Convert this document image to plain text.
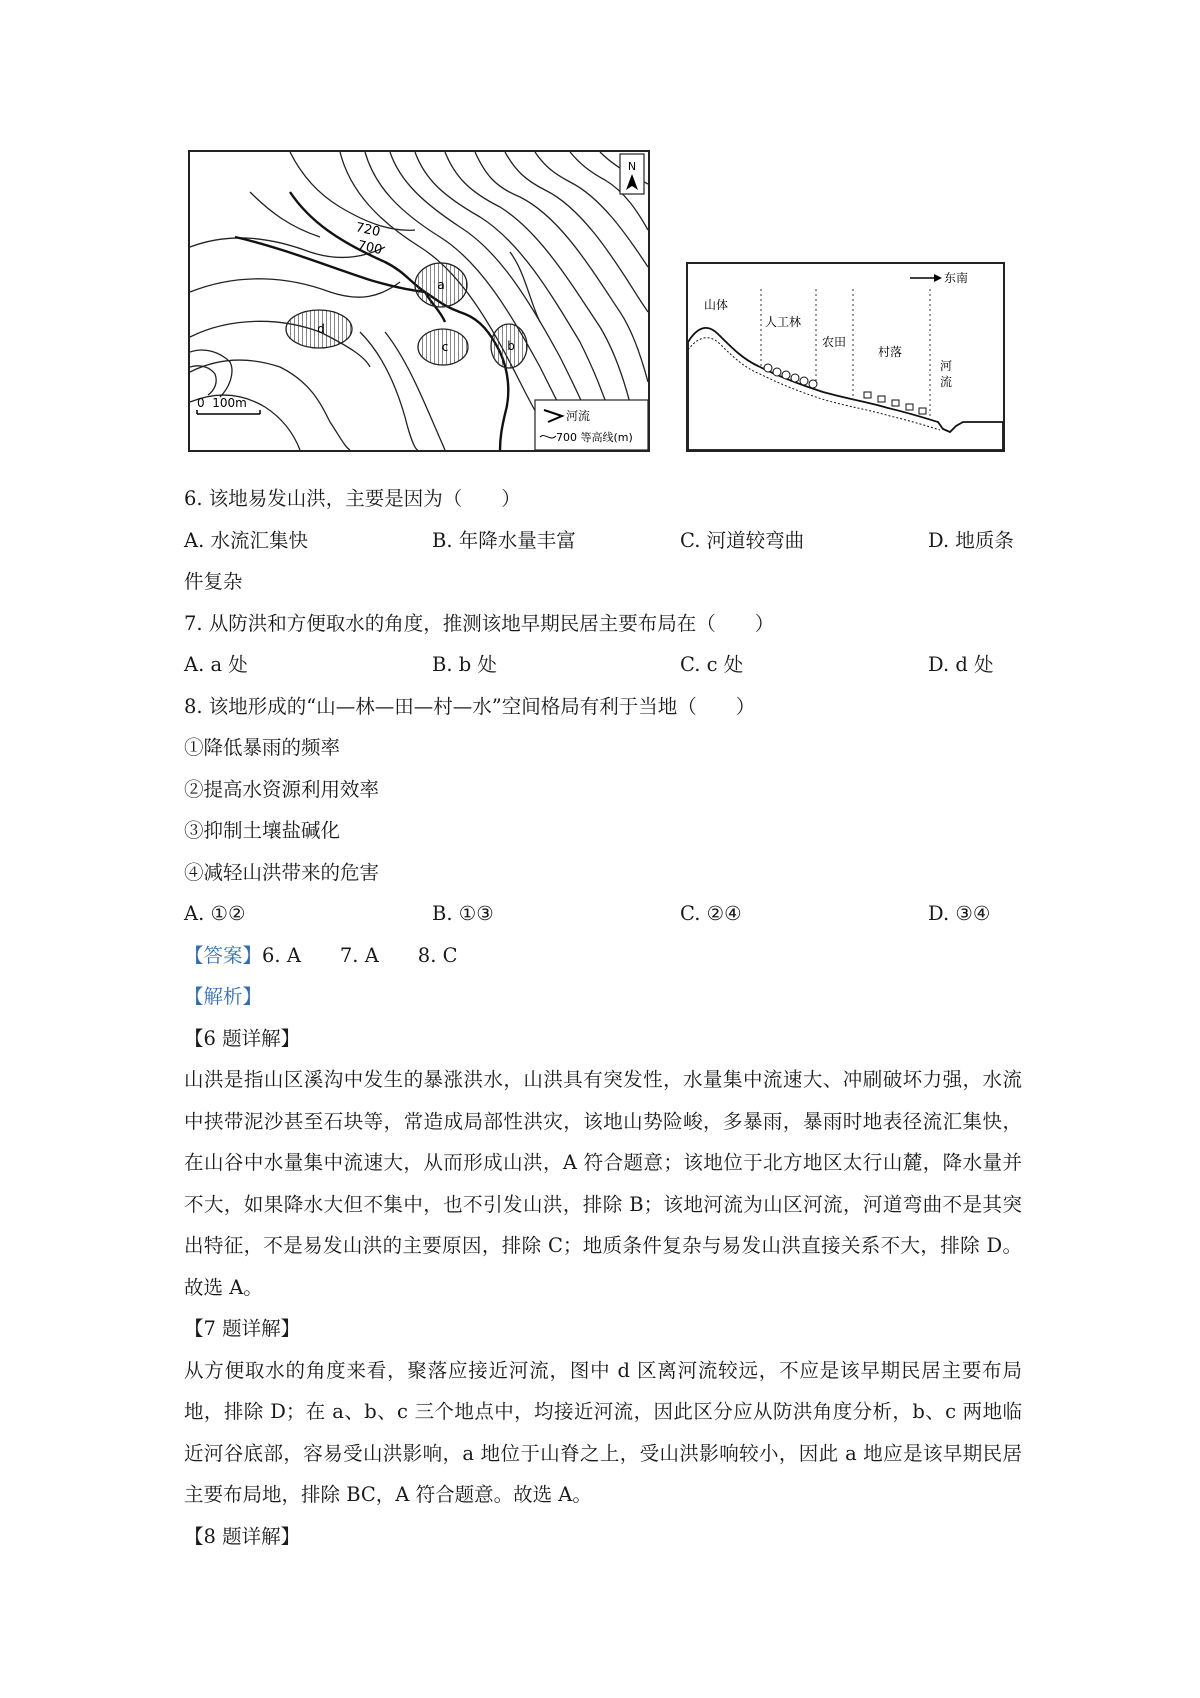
a
b
c
d
720
700
N
0  100m
河流
700 等高线(m)
东南
山体
人工林
农田
村落
河
流
6. 该地易发山洪，主要是因为（　　）
A. 水流汇集快	B. 年降水量丰富	C. 河道较弯曲	D. 地质条
件复杂
7. 从防洪和方便取水的角度，推测该地早期民居主要布局在（　　）
A. a 处	B. b 处	C. c 处	D. d 处
8. 该地形成的“山—林—田—村—水”空间格局有利于当地（　　）
①降低暴雨的频率
②提高水资源利用效率
③抑制土壤盐碱化
④减轻山洪带来的危害
A. ①②	B. ①③	C. ②④	D. ③④
【答案】6. A　　7. A　　8. C
【解析】
【6 题详解】
山洪是指山区溪沟中发生的暴涨洪水，山洪具有突发性，水量集中流速大、冲刷破坏力强，水流中挟带泥沙甚至石块等，常造成局部性洪灾，该地山势险峻，多暴雨，暴雨时地表径流汇集快，在山谷中水量集中流速大，从而形成山洪，A 符合题意；该地位于北方地区太行山麓，降水量并不大，如果降水大但不集中，也不引发山洪，排除 B；该地河流为山区河流，河道弯曲不是其突出特征，不是易发山洪的主要原因，排除 C；地质条件复杂与易发山洪直接关系不大，排除 D。故选 A。
【7 题详解】
从方便取水的角度来看，聚落应接近河流，图中 d 区离河流较远，不应是该早期民居主要布局地，排除 D；在 a、b、c 三个地点中，均接近河流，因此区分应从防洪角度分析，b、c 两地临近河谷底部，容易受山洪影响，a 地位于山脊之上，受山洪影响较小，因此 a 地应是该早期民居主要布局地，排除 BC，A 符合题意。故选 A。
【8 题详解】
